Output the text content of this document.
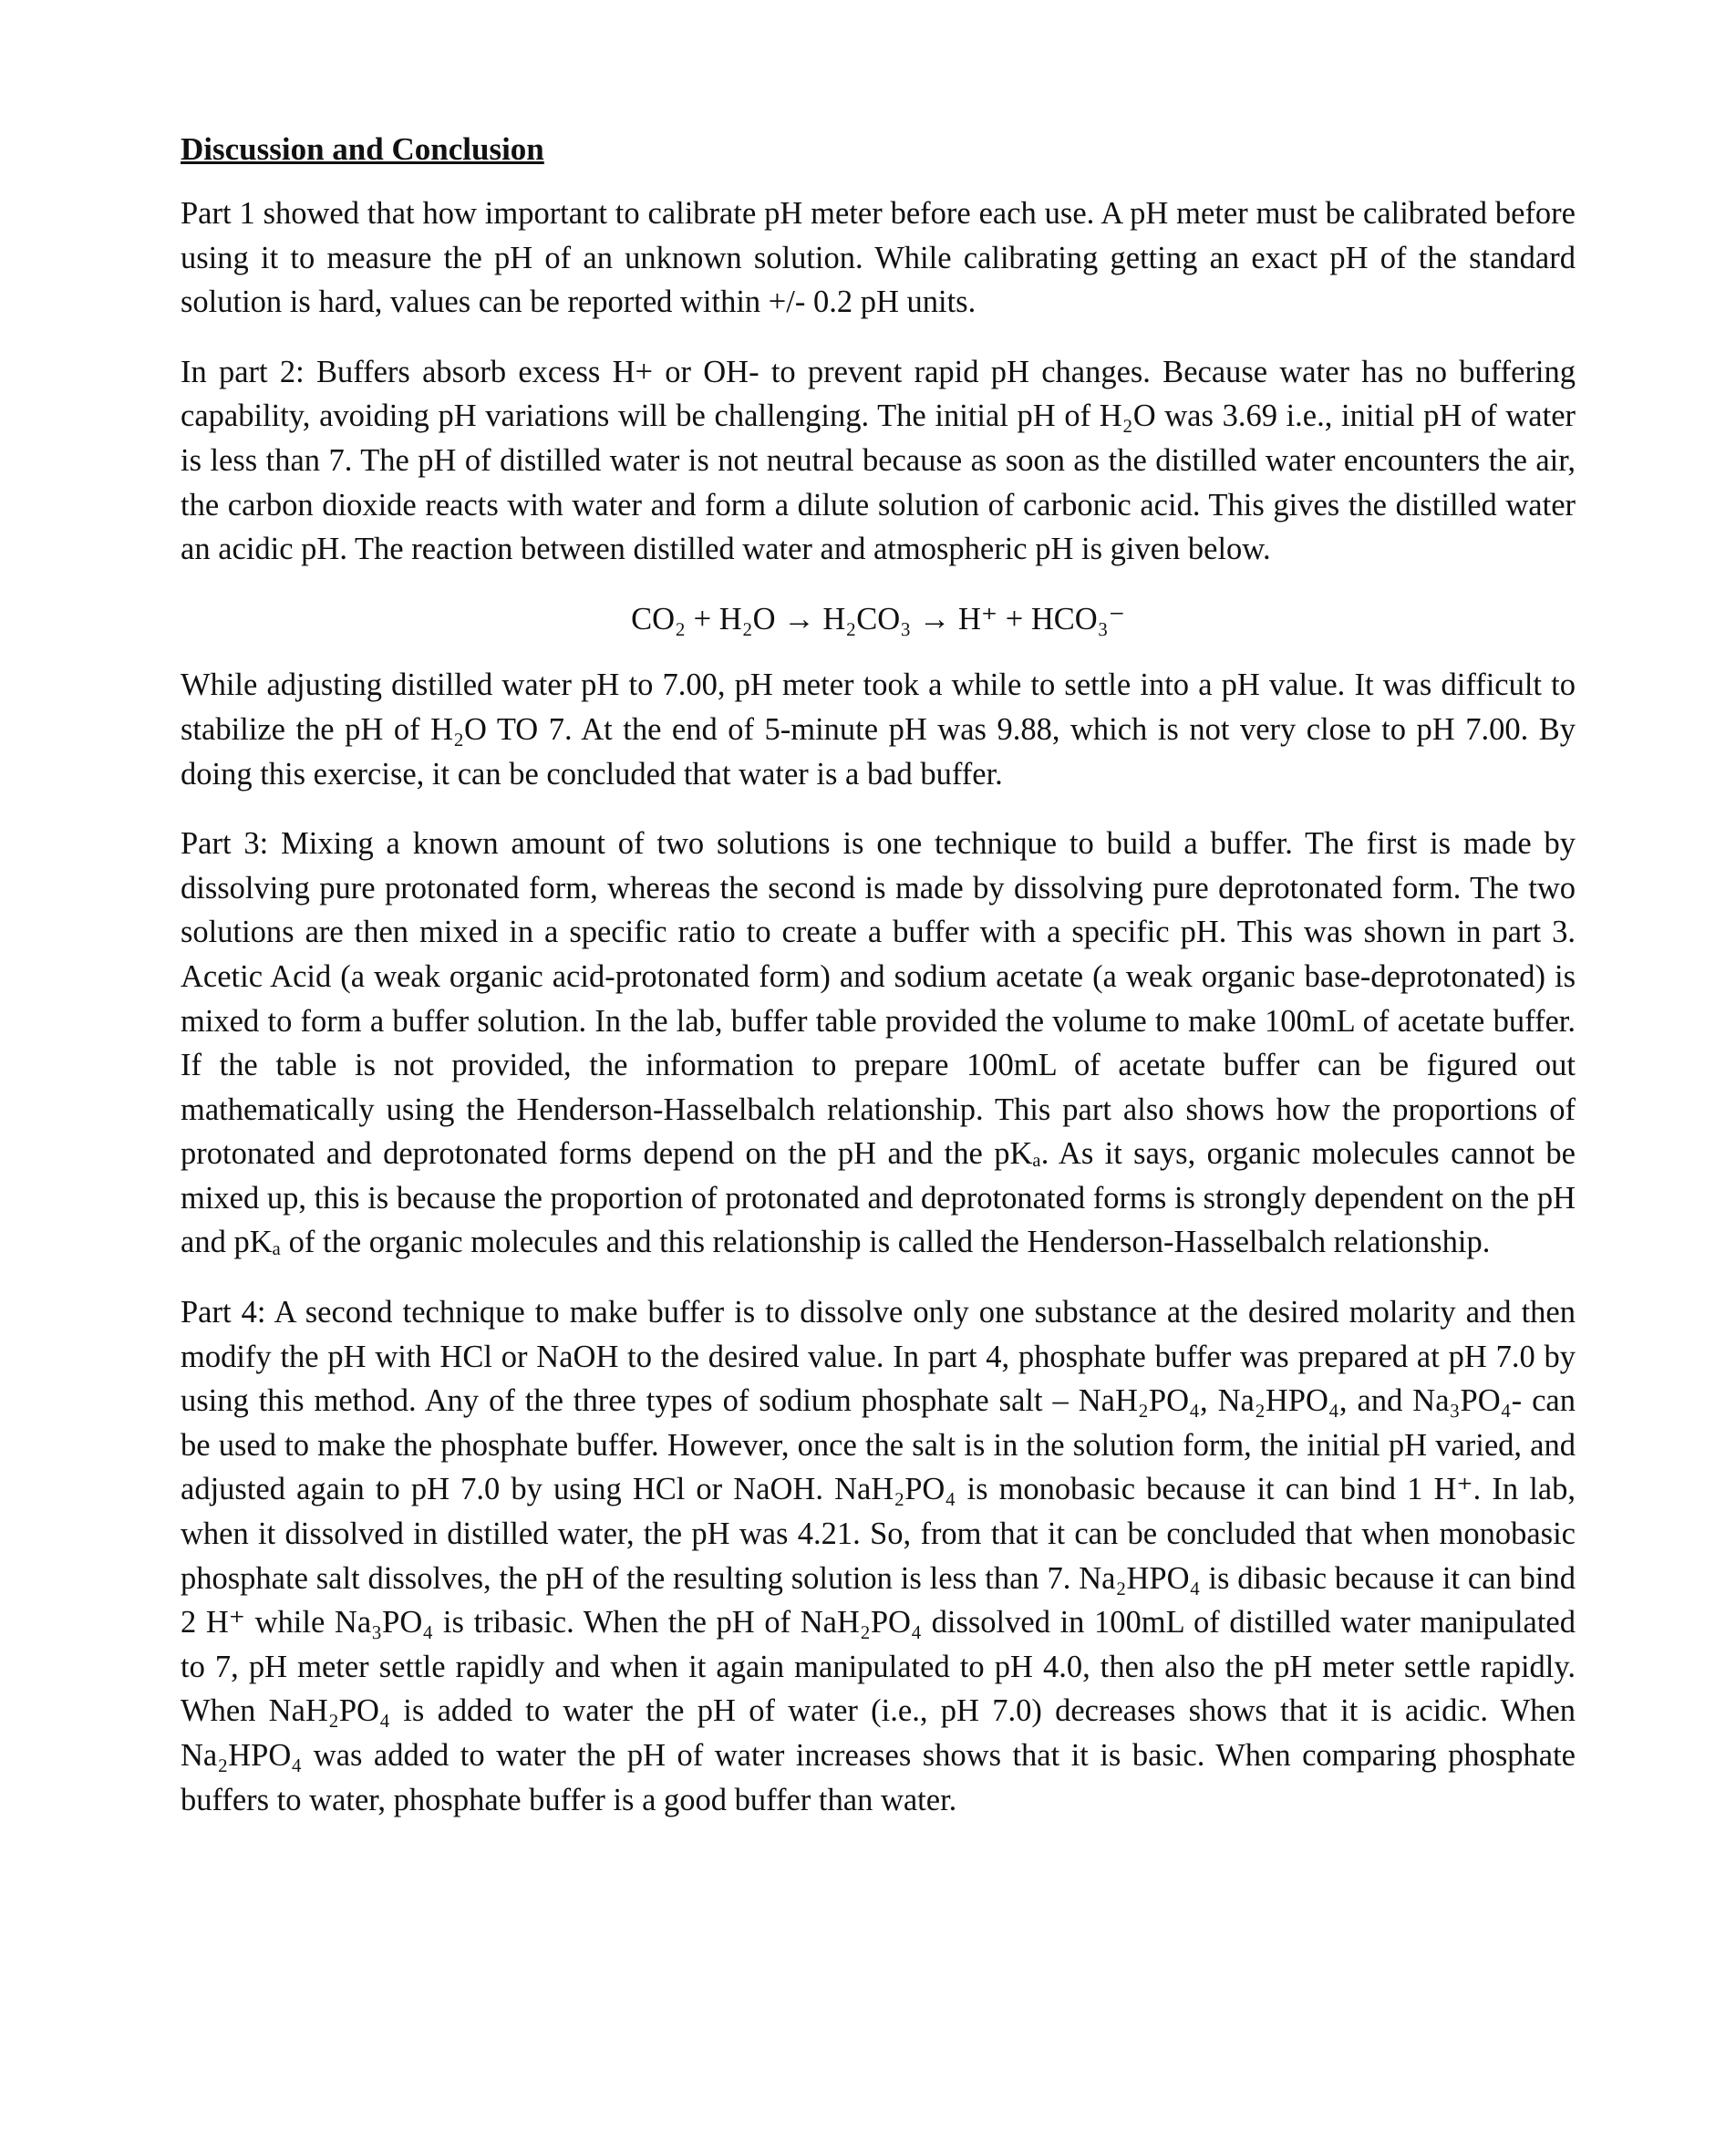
Discussion and Conclusion

Part 1 showed that how important to calibrate pH meter before each use. A pH meter must be calibrated before using it to measure the pH of an unknown solution. While calibrating getting an exact pH of the standard solution is hard, values can be reported within +/- 0.2 pH units.

In part 2: Buffers absorb excess H+ or OH- to prevent rapid pH changes. Because water has no buffering capability, avoiding pH variations will be challenging. The initial pH of H₂O was 3.69 i.e., initial pH of water is less than 7. The pH of distilled water is not neutral because as soon as the distilled water encounters the air, the carbon dioxide reacts with water and form a dilute solution of carbonic acid. This gives the distilled water an acidic pH. The reaction between distilled water and atmospheric pH is given below.

CO₂ + H₂O → H₂CO₃ → H⁺ + HCO₃⁻

While adjusting distilled water pH to 7.00, pH meter took a while to settle into a pH value. It was difficult to stabilize the pH of H₂O TO 7. At the end of 5-minute pH was 9.88, which is not very close to pH 7.00. By doing this exercise, it can be concluded that water is a bad buffer.

Part 3: Mixing a known amount of two solutions is one technique to build a buffer. The first is made by dissolving pure protonated form, whereas the second is made by dissolving pure deprotonated form. The two solutions are then mixed in a specific ratio to create a buffer with a specific pH. This was shown in part 3. Acetic Acid (a weak organic acid-protonated form) and sodium acetate (a weak organic base-deprotonated) is mixed to form a buffer solution. In the lab, buffer table provided the volume to make 100mL of acetate buffer. If the table is not provided, the information to prepare 100mL of acetate buffer can be figured out mathematically using the Henderson-Hasselbalch relationship. This part also shows how the proportions of protonated and deprotonated forms depend on the pH and the pKₐ. As it says, organic molecules cannot be mixed up, this is because the proportion of protonated and deprotonated forms is strongly dependent on the pH and pKₐ of the organic molecules and this relationship is called the Henderson-Hasselbalch relationship.

Part 4: A second technique to make buffer is to dissolve only one substance at the desired molarity and then modify the pH with HCl or NaOH to the desired value. In part 4, phosphate buffer was prepared at pH 7.0 by using this method. Any of the three types of sodium phosphate salt – NaH₂PO₄, Na₂HPO₄, and Na₃PO₄- can be used to make the phosphate buffer. However, once the salt is in the solution form, the initial pH varied, and adjusted again to pH 7.0 by using HCl or NaOH. NaH₂PO₄ is monobasic because it can bind 1 H⁺. In lab, when it dissolved in distilled water, the pH was 4.21. So, from that it can be concluded that when monobasic phosphate salt dissolves, the pH of the resulting solution is less than 7. Na₂HPO₄ is dibasic because it can bind 2 H⁺ while Na₃PO₄ is tribasic. When the pH of NaH₂PO₄ dissolved in 100mL of distilled water manipulated to 7, pH meter settle rapidly and when it again manipulated to pH 4.0, then also the pH meter settle rapidly. When NaH₂PO₄ is added to water the pH of water (i.e., pH 7.0) decreases shows that it is acidic. When Na₂HPO₄ was added to water the pH of water increases shows that it is basic. When comparing phosphate buffers to water, phosphate buffer is a good buffer than water.
